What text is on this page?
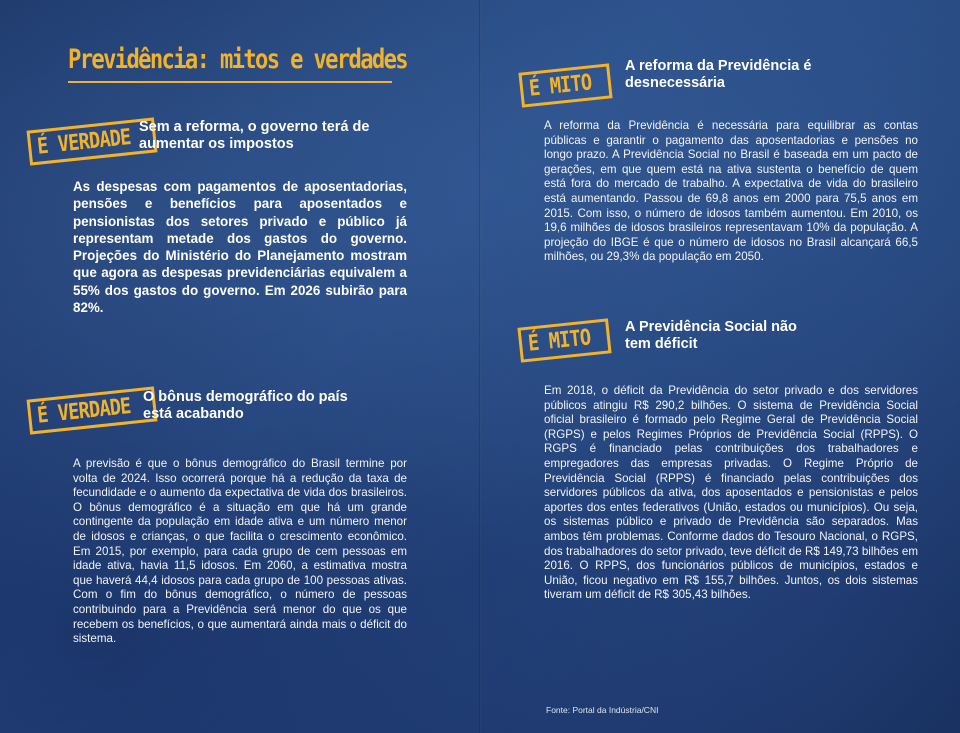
Previdência: mitos e verdades
É VERDADE Sem a reforma, o governo terá de aumentar os impostos
As despesas com pagamentos de aposentadorias, pensões e benefícios para aposentados e pensionistas dos setores privado e público já representam metade dos gastos do governo. Projeções do Ministério do Planejamento mostram que agora as despesas previdenciárias equivalem a 55% dos gastos do governo. Em 2026 subirão para 82%.
É VERDADE O bônus demográfico do país está acabando
A previsão é que o bônus demográfico do Brasil termine por volta de 2024. Isso ocorrerá porque há a redução da taxa de fecundidade e o aumento da expectativa de vida dos brasileiros. O bônus demográfico é a situação em que há um grande contingente da população em idade ativa e um número menor de idosos e crianças, o que facilita o crescimento econômico. Em 2015, por exemplo, para cada grupo de cem pessoas em idade ativa, havia 11,5 idosos. Em 2060, a estimativa mostra que haverá 44,4 idosos para cada grupo de 100 pessoas ativas. Com o fim do bônus demográfico, o número de pessoas contribuindo para a Previdência será menor do que os que recebem os benefícios, o que aumentará ainda mais o déficit do sistema.
É MITO
A reforma da Previdência é desnecessária
A reforma da Previdência é necessária para equilibrar as contas públicas e garantir o pagamento das aposentadorias e pensões no longo prazo. A Previdência Social no Brasil é baseada em um pacto de gerações, em que quem está na ativa sustenta o benefício de quem está fora do mercado de trabalho. A expectativa de vida do brasileiro está aumentando. Passou de 69,8 anos em 2000 para 75,5 anos em 2015. Com isso, o número de idosos também aumentou. Em 2010, os 19,6 milhões de idosos brasileiros representavam 10% da população. A projeção do IBGE é que o número de idosos no Brasil alcançará 66,5 milhões, ou 29,3% da população em 2050.
É MITO	A Previdência Social não tem déficit
Em 2018, o déficit da Previdência do setor privado e dos servidores públicos atingiu R$ 290,2 bilhões. O sistema de Previdência Social oficial brasileiro é formado pelo Regime Geral de Previdência Social (RGPS) e pelos Regimes Próprios de Previdência Social (RPPS). O RGPS é financiado pelas contribuições dos trabalhadores e empregadores das empresas privadas. O Regime Próprio de Previdência Social (RPPS) é financiado pelas contribuições dos servidores públicos da ativa, dos aposentados e pensionistas e pelos aportes dos entes federativos (União, estados ou municípios). Ou seja, os sistemas público e privado de Previdência são separados. Mas ambos têm problemas. Conforme dados do Tesouro Nacional, o RGPS, dos trabalhadores do setor privado, teve déficit de R$ 149,73 bilhões em 2016. O RPPS, dos funcionários públicos de municípios, estados e União, ficou negativo em R$ 155,7 bilhões. Juntos, os dois sistemas tiveram um déficit de R$ 305,43 bilhões.
Fonte: Portal da Indústria/CNI
